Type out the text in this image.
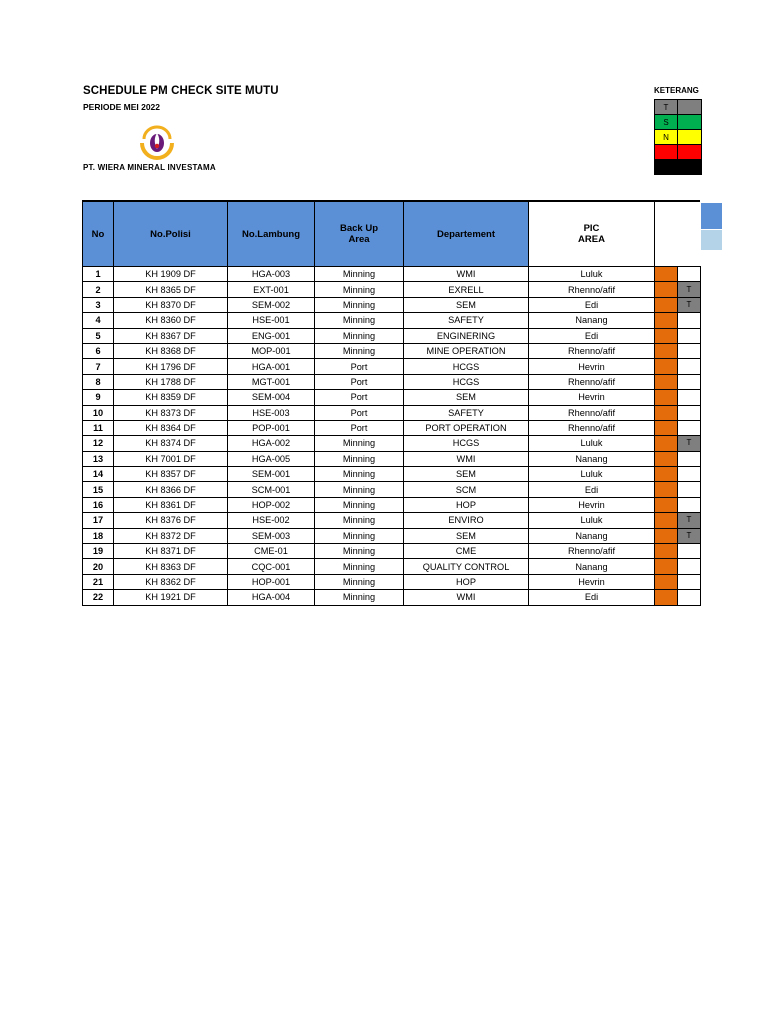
SCHEDULE PM CHECK SITE MUTU
PERIODE MEI 2022
PT. WIERA MINERAL INVESTAMA
KETERANG
T	
S	
N	

No	No.Polisi	No.Lambung	Back Up
Area	Departement	PIC
AREA		
1	KH 1909 DF	HGA-003	Minning	WMI	Luluk		
2	KH 8365 DF	EXT-001	Minning	EXRELL	Rhenno/afif		T
3	KH 8370 DF	SEM-002	Minning	SEM	Edi		T
4	KH 8360 DF	HSE-001	Minning	SAFETY	Nanang		
5	KH 8367 DF	ENG-001	Minning	ENGINERING	Edi		
6	KH 8368 DF	MOP-001	Minning	MINE OPERATION	Rhenno/afif		
7	KH 1796 DF	HGA-001	Port	HCGS	Hevrin		
8	KH 1788 DF	MGT-001	Port	HCGS	Rhenno/afif		
9	KH 8359 DF	SEM-004	Port	SEM	Hevrin		
10	KH 8373 DF	HSE-003	Port	SAFETY	Rhenno/afif		
11	KH 8364 DF	POP-001	Port	PORT OPERATION	Rhenno/afif		
12	KH 8374 DF	HGA-002	Minning	HCGS	Luluk		T
13	KH 7001 DF	HGA-005	Minning	WMI	Nanang		
14	KH 8357 DF	SEM-001	Minning	SEM	Luluk		
15	KH 8366 DF	SCM-001	Minning	SCM	Edi		
16	KH 8361 DF	HOP-002	Minning	HOP	Hevrin		
17	KH 8376 DF	HSE-002	Minning	ENVIRO	Luluk		T
18	KH 8372 DF	SEM-003	Minning	SEM	Nanang		T
19	KH 8371 DF	CME-01	Minning	CME	Rhenno/afif		
20	KH 8363 DF	CQC-001	Minning	QUALITY CONTROL	Nanang		
21	KH 8362 DF	HOP-001	Minning	HOP	Hevrin		
22	KH 1921 DF	HGA-004	Minning	WMI	Edi		
